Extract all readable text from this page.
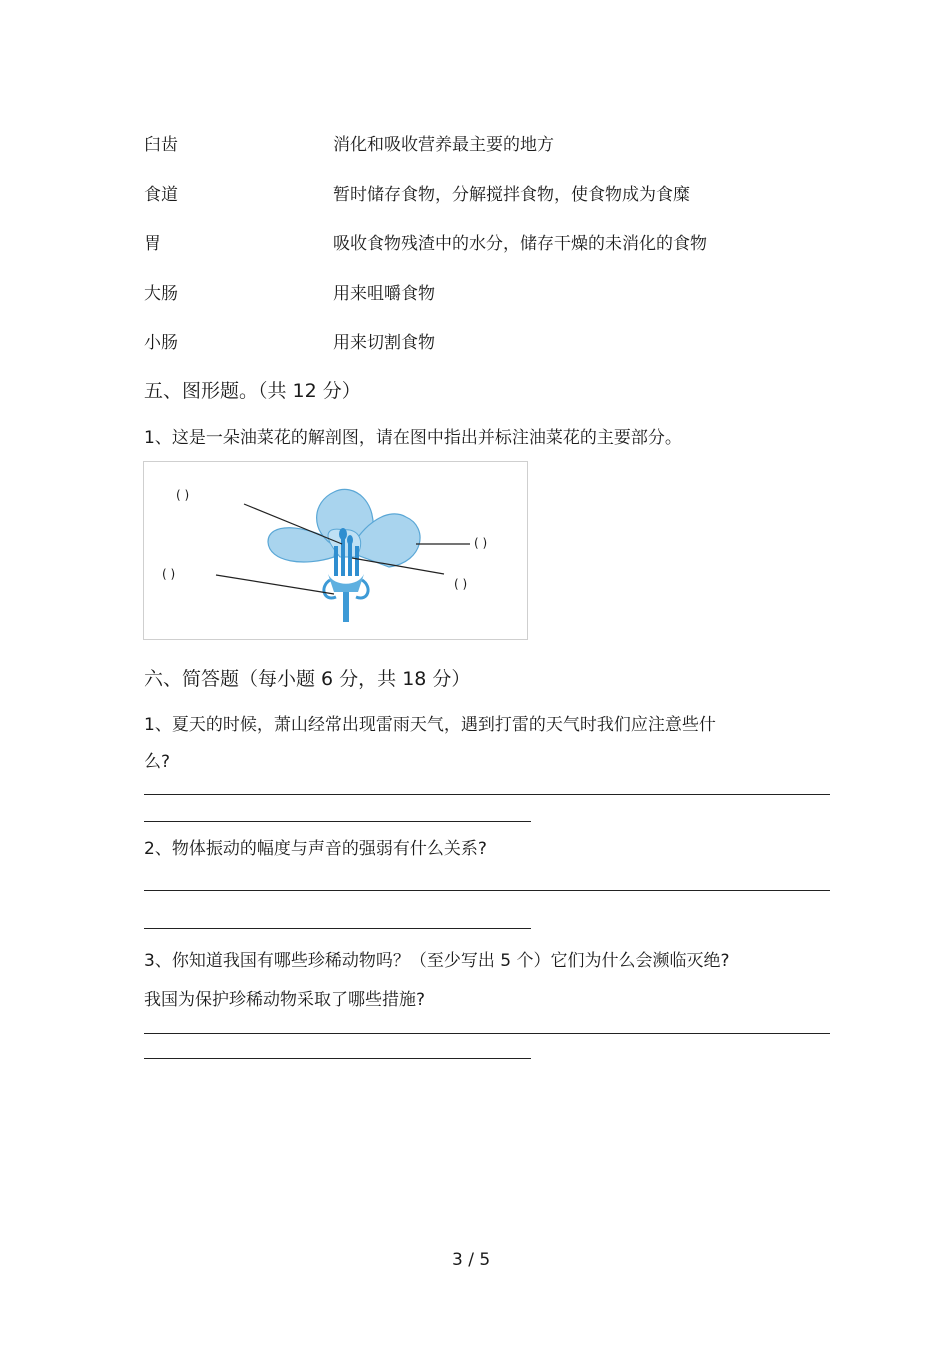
臼齿	消化和吸收营养最主要的地方
食道	暂时储存食物，分解搅拌食物，使食物成为食糜
胃	吸收食物残渣中的水分，储存干燥的未消化的食物
大肠	用来咀嚼食物
小肠	用来切割食物
五、图形题。（共 12 分）
1、这是一朵油菜花的解剖图，请在图中指出并标注油菜花的主要部分。
( )
( )
( )
( )
六、简答题（每小题 6 分，共 18 分）
1、夏天的时候，萧山经常出现雷雨天气，遇到打雷的天气时我们应注意些什
么?
2、物体振动的幅度与声音的强弱有什么关系?
3、你知道我国有哪些珍稀动物吗？（至少写出 5 个）它们为什么会濒临灭绝?
我国为保护珍稀动物采取了哪些措施?
3 / 5
